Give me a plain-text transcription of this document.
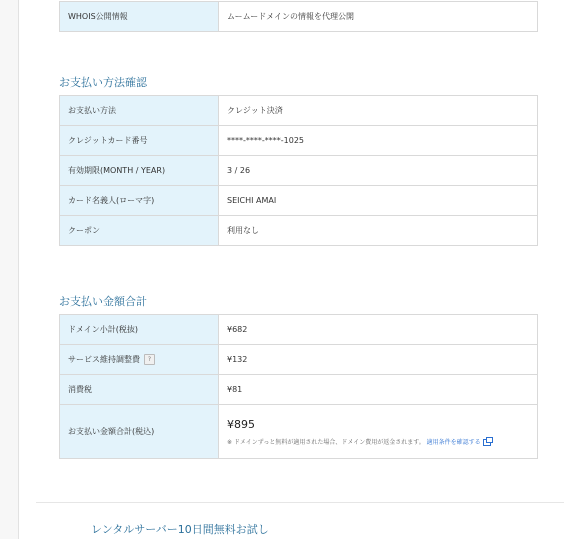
WHOIS公開情報	ムームードメインの情報を代理公開
お支払い方法確認
お支払い方法	クレジット決済
クレジットカード番号	****-****-****-1025
有効期限(MONTH / YEAR)	3 / 26
カード名義人(ローマ字)	SEICHI AMAI
クーポン	利用なし
お支払い金額合計
ドメイン小計(税抜)	¥682
サービス維持調整費 ?	¥132
消費税	¥81
お支払い金額合計(税込)	¥895
※ ドメインずっと無料が適用された場合、ドメイン費用が返金されます。 適用条件を確認する
レンタルサーバー10日間無料お試し
